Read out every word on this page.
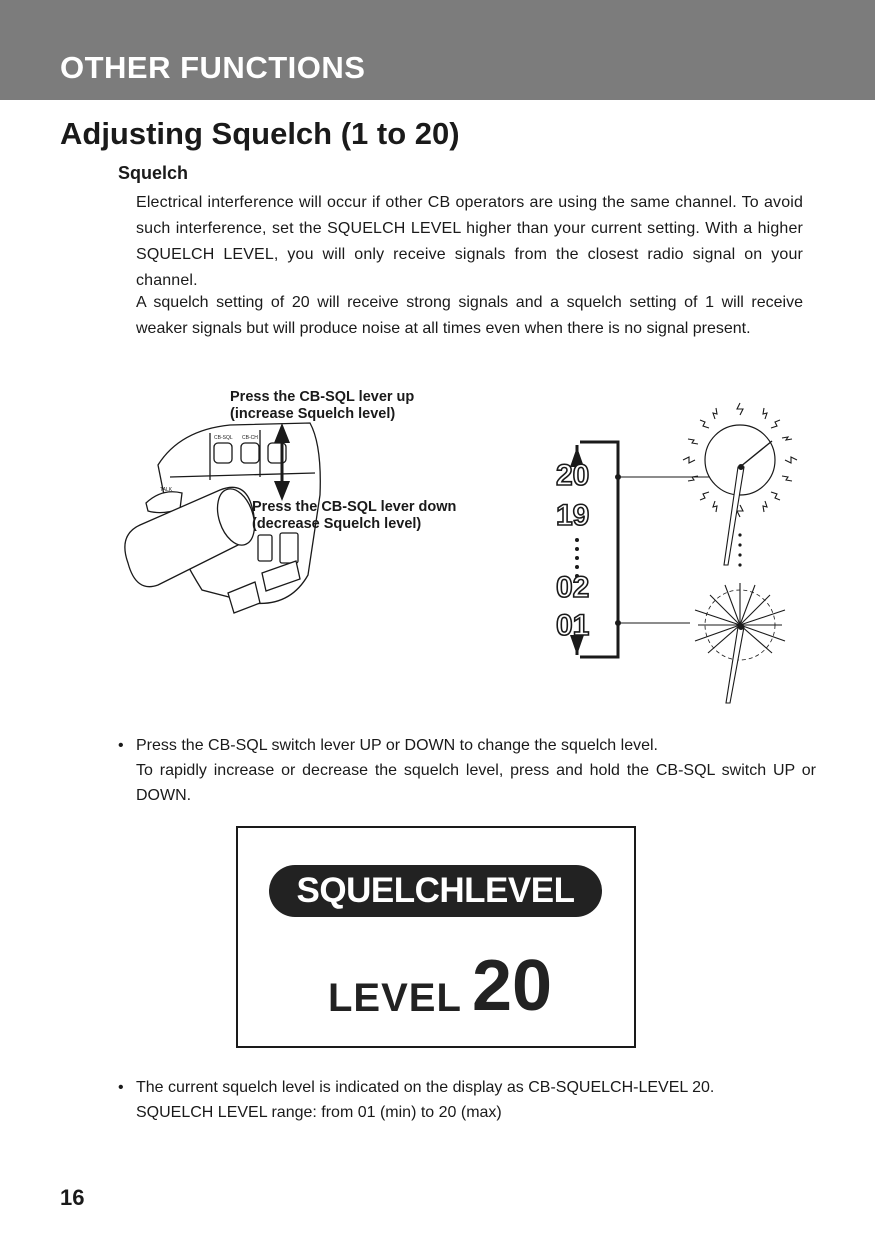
OTHER FUNCTIONS
Adjusting Squelch (1 to 20)
Squelch

Electrical interference will occur if other CB operators are using the same channel. To avoid such interference, set the SQUELCH LEVEL higher than your current setting. With a higher SQUELCH LEVEL, you will only receive signals from the closest radio signal on your channel.

A squelch setting of 20 will receive strong signals and a squelch setting of 1 will receive weaker signals but will produce noise at all times even when there is no signal present.

CB-SQL CB-CH
TALK	20
19
02
01
Press the CB-SQL lever up
(increase Squelch level)
Press the CB-SQL lever down
(decrease Squelch level)
• Press the CB-SQL switch lever UP or DOWN to change the squelch level.
To rapidly increase or decrease the squelch level, press and hold the CB-SQL switch UP or DOWN.
SQUELCHLEVEL
LEVEL 20
• The current squelch level is indicated on the display as CB-SQUELCH-LEVEL 20.
SQUELCH LEVEL range: from 01 (min) to 20 (max)
16
